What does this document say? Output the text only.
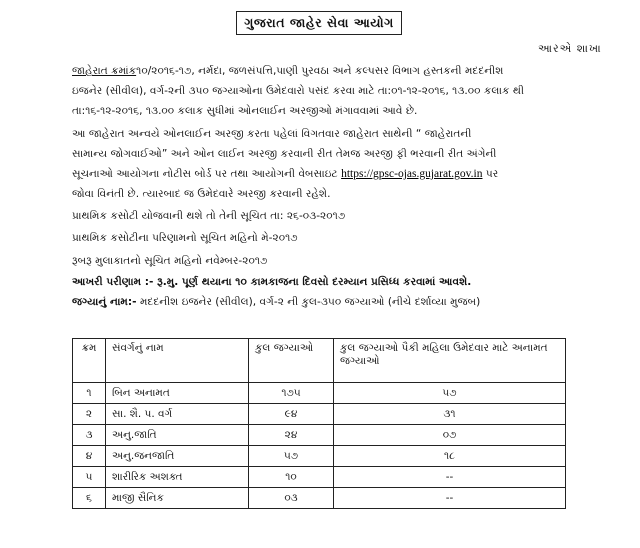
ગુજરાત જાહેર સેવા આયોગ
આરએ શાખા
જાહેરાત ક્રમાંક૧૦/૨૦૧૬-૧૭, નર્મદા, જળસંપત્તિ,પાણી પુરવઠા અને કલ્પસર વિભાગ હસ્તકની મદદનીશ
ઇજનેર (સીવીલ), વર્ગ-૨ની ૩૫૦ જગ્યાઓના ઉમેદવારો પસંદ કરવા માટે તા:૦૧-૧૨-૨૦૧૬, ૧૩.૦૦ કલાક થી
તા:૧૬-૧૨-૨૦૧૬, ૧૩.૦૦ કલાક સુધીમાં ઓનલાઈન અરજીઓ મંગાવવામાં આવે છે.
આ જાહેરાત અન્વયે ઓનલાઈન અરજી કરતા પહેલાં વિગતવાર જાહેરાત સાથેની “ જાહેરાતની
સામાન્ય જોગવાઈઓ” અને ઓન લાઈન અરજી કરવાની રીત તેમજ અરજી ફી ભરવાની રીત અંગેની
સૂચનાઓ આયોગના નોટીસ બોર્ડ પર તથા આયોગની વેબસાઇટ https://gpsc-ojas.gujarat.gov.in પર
જોવા વિનંતી છે. ત્યારબાદ જ ઉમેદવારે અરજી કરવાની રહેશે.
પ્રાથમિક કસોટી યોજવાની થશે તો તેની સૂચિત તા: ૨૬-૦૩-૨૦૧૭
પ્રાથમિક કસોટીના પરિણામનો સૂચિત મહિનો મે-૨૦૧૭
રૂબરૂ મુલાકાતનો સૂચિત મહિનો નવેમ્બર-૨૦૧૭
આખરી પરીણામ :- રૂ.મુ. પૂર્ણ થયાના ૧૦ કામકાજના દિવસો દરમ્યાન પ્રસિધ્ધ કરવામાં આવશે.
જગ્યાનું નામ:- મદદનીશ ઇજનેર (સીવીલ), વર્ગ-૨ ની કુલ-૩૫૦ જગ્યાઓ (નીચે દર્શાવ્યા મુજબ)
ક્રમ	સંવર્ગનું નામ	કુલ જગ્યાઓ	કુલ જગ્યાઓ પૈકી મહિલા ઉમેદવાર માટે અનામત જગ્યાઓ
૧	બિન અનામત	૧૭૫	૫૭
૨	સા. શૈ. પ. વર્ગ	૯૪	૩૧
૩	અનુ.જાતિ	૨૪	૦૭
૪	અનુ.જનજાતિ	૫૭	૧૮
૫	શારીરિક અશક્ત	૧૦	--
૬	માજી સૈનિક	૦૩	--
